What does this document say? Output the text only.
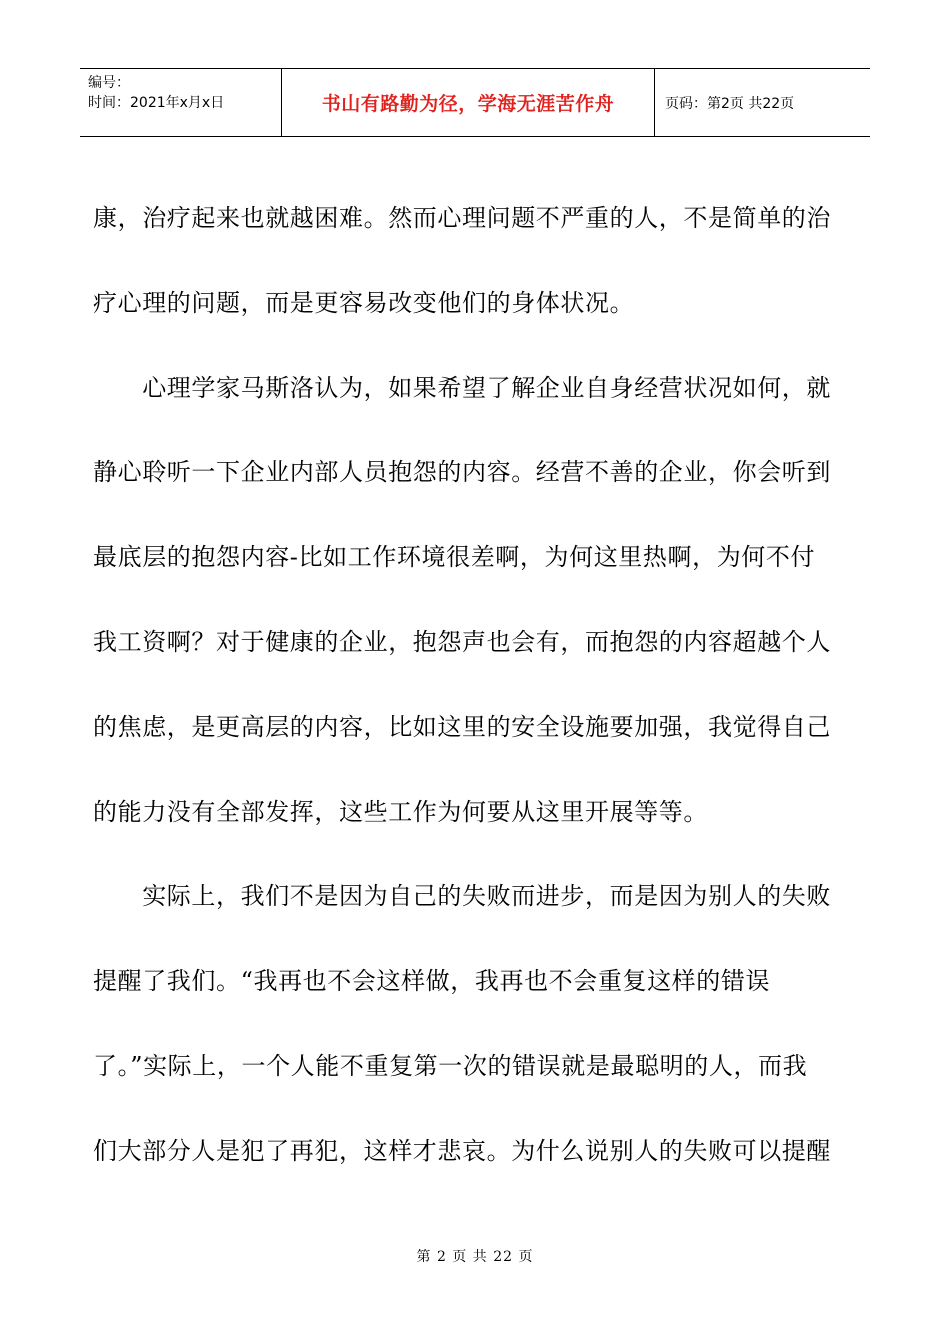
编号：
时间：2021年x月x日	书山有路勤为径，学海无涯苦作舟	页码：第2页 共22页
康，治疗起来也就越困难。然而心理问题不严重的人，不是简单的治
疗心理的问题，而是更容易改变他们的身体状况。
　　心理学家马斯洛认为，如果希望了解企业自身经营状况如何，就
静心聆听一下企业内部人员抱怨的内容。经营不善的企业，你会听到
最底层的抱怨内容-比如工作环境很差啊，为何这里热啊，为何不付
我工资啊？对于健康的企业，抱怨声也会有，而抱怨的内容超越个人
的焦虑，是更高层的内容，比如这里的安全设施要加强，我觉得自己
的能力没有全部发挥，这些工作为何要从这里开展等等。
　　实际上，我们不是因为自己的失败而进步，而是因为别人的失败
提醒了我们。“我再也不会这样做，我再也不会重复这样的错误
了。”实际上，一个人能不重复第一次的错误就是最聪明的人，而我
们大部分人是犯了再犯，这样才悲哀。为什么说别人的失败可以提醒
第 2 页 共 22 页
